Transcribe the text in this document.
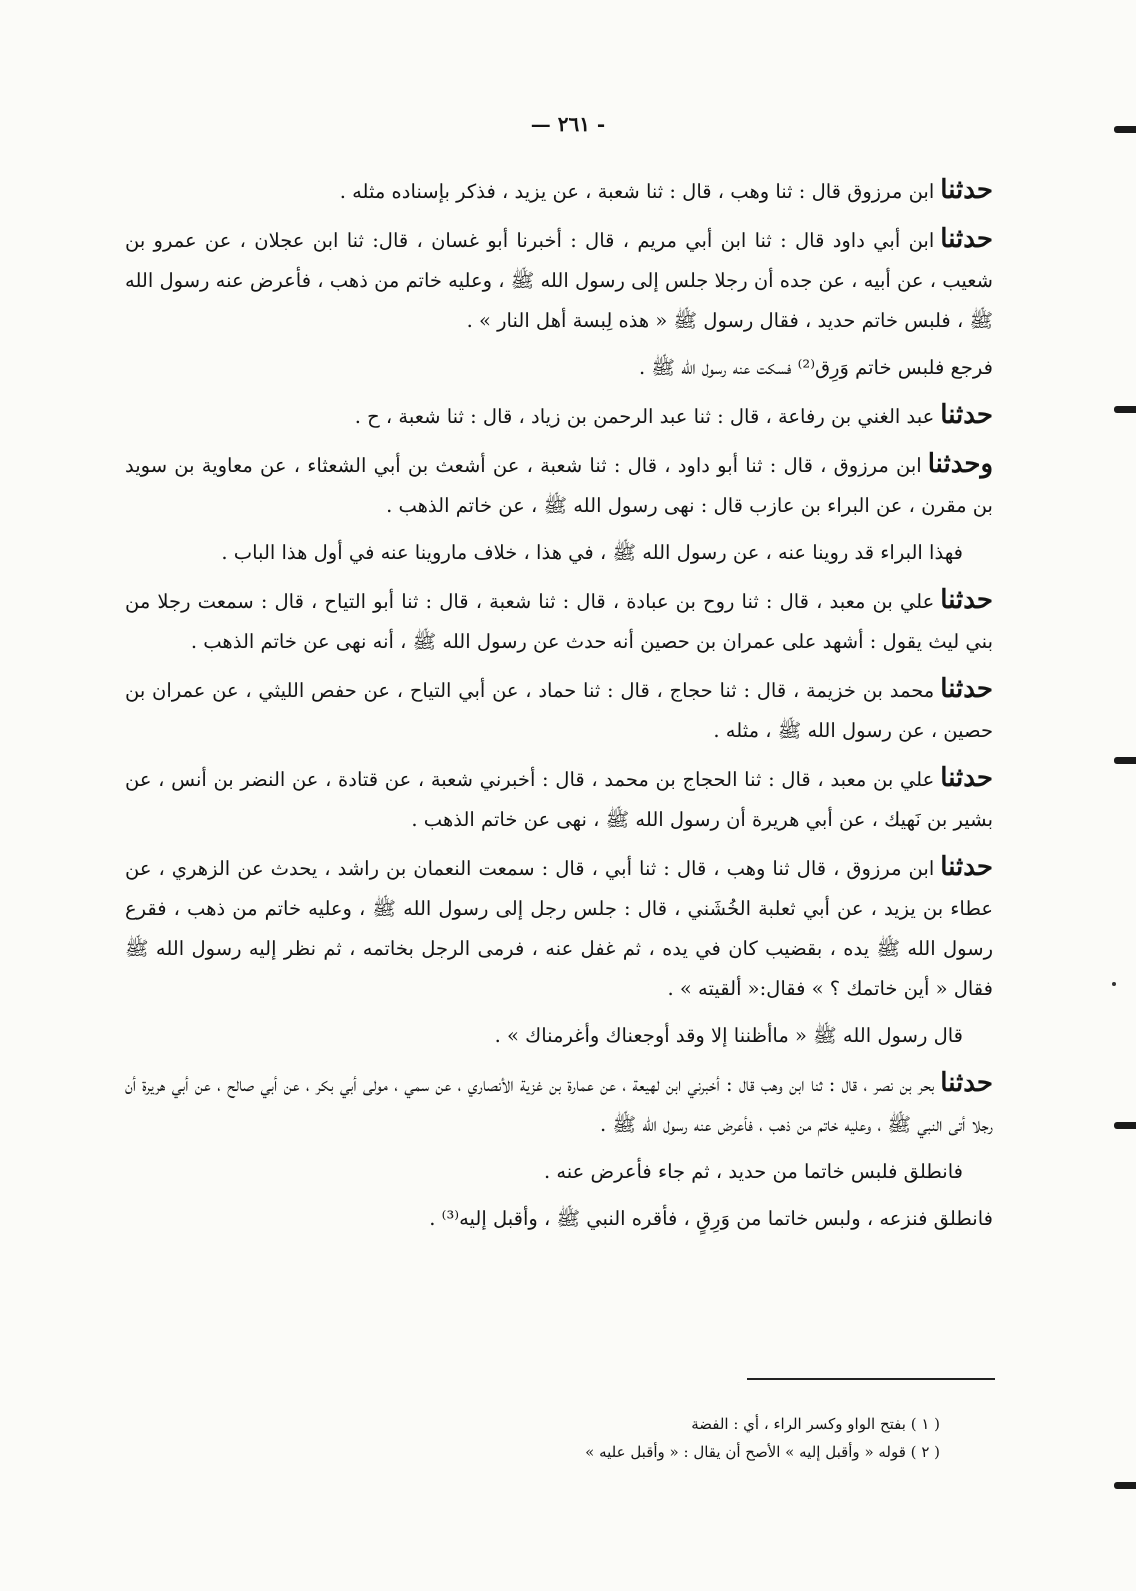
— ٢٦١ -

حدثناابن مرزوق قال : ثنا وهب ، قال : ثنا شعبة ، عن يزيد ، فذكر بإسناده مثله .

حدثناابن أبي داود قال : ثنا ابن أبي مريم ، قال : أخبرنا أبو غسان ، قال: ثنا ابن عجلان ، عن عمرو بن شعيب ، عن أبيه ، عن جده أن رجلا جلس إلى رسول الله ﷺ ، وعليه خاتم من ذهب ، فأعرض عنه رسول الله ﷺ ، فلبس خاتم حديد ، فقال رسول ﷺ « هذه لِبسة أهل النار » .

فرجع فلبس خاتم وَرِق⁽²⁾ فسكت عنه رسول الله ﷺ .

حدثناعبد الغني بن رفاعة ، قال : ثنا عبد الرحمن بن زياد ، قال : ثنا شعبة ، ح .

وحدثناابن مرزوق ، قال : ثنا أبو داود ، قال : ثنا شعبة ، عن أشعث بن أبي الشعثاء ، عن معاوية بن سويد بن مقرن ، عن البراء بن عازب قال : نهى رسول الله ﷺ ، عن خاتم الذهب .

فهذا البراء قد روينا عنه ، عن رسول الله ﷺ ، في هذا ، خلاف ماروينا عنه في أول هذا الباب .

حدثناعلي بن معبد ، قال : ثنا روح بن عبادة ، قال : ثنا شعبة ، قال : ثنا أبو التياح ، قال : سمعت رجلا من بني ليث يقول : أشهد على عمران بن حصين أنه حدث عن رسول الله ﷺ ، أنه نهى عن خاتم الذهب .

حدثنامحمد بن خزيمة ، قال : ثنا حجاج ، قال : ثنا حماد ، عن أبي التياح ، عن حفص الليثي ، عن عمران بن حصين ، عن رسول الله ﷺ ، مثله .

حدثناعلي بن معبد ، قال : ثنا الحجاج بن محمد ، قال : أخبرني شعبة ، عن قتادة ، عن النضر بن أنس ، عن بشير بن نَهيك ، عن أبي هريرة أن رسول الله ﷺ ، نهى عن خاتم الذهب .

حدثناابن مرزوق ، قال ثنا وهب ، قال : ثنا أبي ، قال : سمعت النعمان بن راشد ، يحدث عن الزهري ، عن عطاء بن يزيد ، عن أبي ثعلبة الخُشَني ، قال : جلس رجل إلى رسول الله ﷺ ، وعليه خاتم من ذهب ، فقرع رسول الله ﷺ يده ، بقضيب كان في يده ، ثم غفل عنه ، فرمى الرجل بخاتمه ، ثم نظر إليه رسول الله ﷺ فقال « أين خاتمك ؟ » فقال:« ألقيته » .

قال رسول الله ﷺ « ماأظننا إلا وقد أوجعناك وأغرمناك » .

حدثنابحر بن نصر ، قال : ثنا ابن وهب قال : أخبرني ابن لهيعة ، عن عمارة بن غزية الأنصاري ، عن سمي ، مولى أبي بكر ، عن أبي صالح ، عن أبي هريرة أن رجلا أتى النبي ﷺ ، وعليه خاتم من ذهب ، فأعرض عنه رسول الله ﷺ .

فانطلق فلبس خاتما من حديد ، ثم جاء فأعرض عنه .

فانطلق فنزعه ، ولبس خاتما من وَرِقٍ ، فأقره النبي ﷺ ، وأقبل إليه⁽³⁾ .

( ١ ) بفتح الواو وكسر الراء ، أي : الفضة

( ٢ ) قوله « وأقبل إليه » الأصح أن يقال : « وأقبل عليه »
